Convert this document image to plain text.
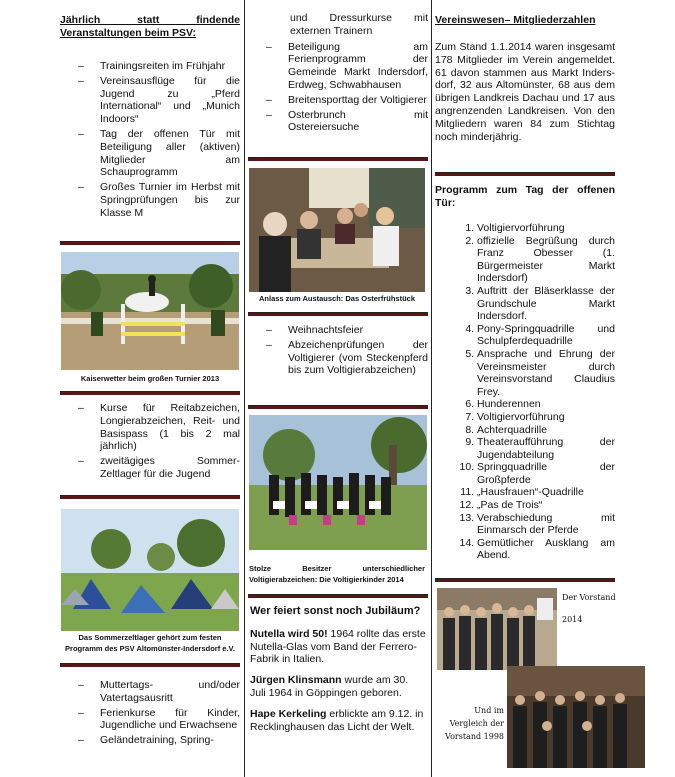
Jährlich statt findende Veranstaltungen beim PSV:
– Trainingsreiten im Frühjahr
– Vereinsausflüge für die Jugend zu „Pferd International“ und „Munich Indoors“
– Tag der offenen Tür mit Beteiligung aller (aktiven) Mitglieder am Schauprogramm
– Großes Turnier im Herbst mit Springprüfungen bis zur Klasse M
Kaiserwetter beim großen Turnier 2013
– Kurse für Reitabzeichen, Longierabzeichen, Reit- und Basispass (1 bis 2 mal jährlich)
– zweitägiges Sommer-Zeltlager für die Jugend
Das Sommerzeltlager gehört zum festen Programm des PSV Altomünster-Indersdorf e.V.
– Muttertags- und/oder Vatertagsausritt
– Ferienkurse für Kinder, Jugendliche und Erwachsene
– Geländetraining, Spring-
und Dressurkurse mit externen Trainern
– Beteiligung am Ferienprogramm der Gemeinde Markt Indersdorf, Erdweg, Schwabhausen
– Breitensporttag der Voltigierer
– Osterbrunch mit Ostereiersuche
Anlass zum Austausch: Das Osterfrühstück
– Weihnachtsfeier
– Abzeichenprüfungen der Voltigierer (vom Steckenpferd bis zum Voltigierabzeichen)
Stolze Besitzer unterschiedlicher Voltigierabzeichen: Die Voltigierkinder 2014

Wer feiert sonst noch Jubiläum?

Nutella wird 50! 1964 rollte das erste Nutella-Glas vom Band der Ferrero-Fabrik in Italien.

Jürgen Klinsmann wurde am 30. Juli 1964 in Göppingen geboren.

Hape Kerkeling erblickte am 9.12. in Recklinghausen das Licht der Welt.

Vereinswesen– Mitgliederzahlen
Zum Stand 1.1.2014 waren insgesamt 178 Mitglieder im Verein angemeldet. 61 davon stammen aus Markt Inders-dorf, 32 aus Altomünster, 68 aus dem übrigen Landkreis Dachau und 17 aus angrenzenden Landkreisen. Von den Mitgliedern waren 84 zum Stichtag noch minderjährig.
Programm zum Tag der offenen Tür:
1. Voltigiervorführung
2. offizielle Begrüßung durch Franz Obesser (1. Bürgermeister Markt Indersdorf)
3. Auftritt der Bläserklasse der Grundschule Markt Indersdorf.
4. Pony-Springquadrille und Schulpferdequadrille
5. Ansprache und Ehrung der Vereinsmeister durch Vereinsvorstand Claudius Frey.
6. Hunderennen
7. Voltigiervorführung
8. Achterquadrille
9. Theateraufführung der Jugendabteilung
10. Springquadrille der Großpferde
11. „Hausfrauen“-Quadrille
12. „Pas de Trois“
13. Verabschiedung mit Einmarsch der Pferde
14. Gemütlicher Ausklang am Abend.
Der Vorstand
2014
Und im
Vergleich der
Vorstand 1998
